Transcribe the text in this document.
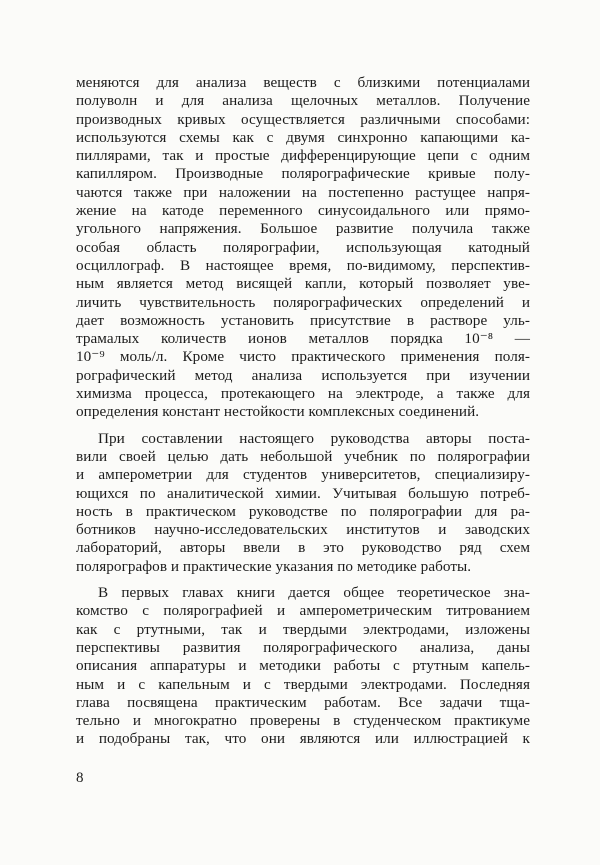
меняются для анализа веществ с близкими потенциалами
полуволн и для анализа щелочных металлов. Получение
производных кривых осуществляется различными способами:
используются схемы как с двумя синхронно капающими ка-
пиллярами, так и простые дифференцирующие цепи с одним
капилляром. Производные полярографические кривые полу-
чаются также при наложении на постепенно растущее напря-
жение на катоде переменного синусоидального или прямо-
угольного напряжения. Большое развитие получила также
особая область полярографии, использующая катодный
осциллограф. В настоящее время, по-видимому, перспектив-
ным является метод висящей капли, который позволяет уве-
личить чувствительность полярографических определений и
дает возможность установить присутствие в растворе уль-
трамалых количеств ионов металлов порядка 10⁻⁸ —
10⁻⁹ моль/л. Кроме чисто практического применения поля-
рографический метод анализа используется при изучении
химизма процесса, протекающего на электроде, а также для
определения констант нестойкости комплексных соединений.
При составлении настоящего руководства авторы поста-
вили своей целью дать небольшой учебник по полярографии
и амперометрии для студентов университетов, специализиру-
ющихся по аналитической химии. Учитывая большую потреб-
ность в практическом руководстве по полярографии для ра-
ботников научно-исследовательских институтов и заводских
лабораторий, авторы ввели в это руководство ряд схем
полярографов и практические указания по методике работы.
В первых главах книги дается общее теоретическое зна-
комство с полярографией и амперометрическим титрованием
как с ртутными, так и твердыми электродами, изложены
перспективы развития полярографического анализа, даны
описания аппаратуры и методики работы с ртутным капель-
ным и с капельным и с твердыми электродами. Последняя
глава посвящена практическим работам. Все задачи тща-
тельно и многократно проверены в студенческом практикуме
и подобраны так, что они являются или иллюстрацией к
8
